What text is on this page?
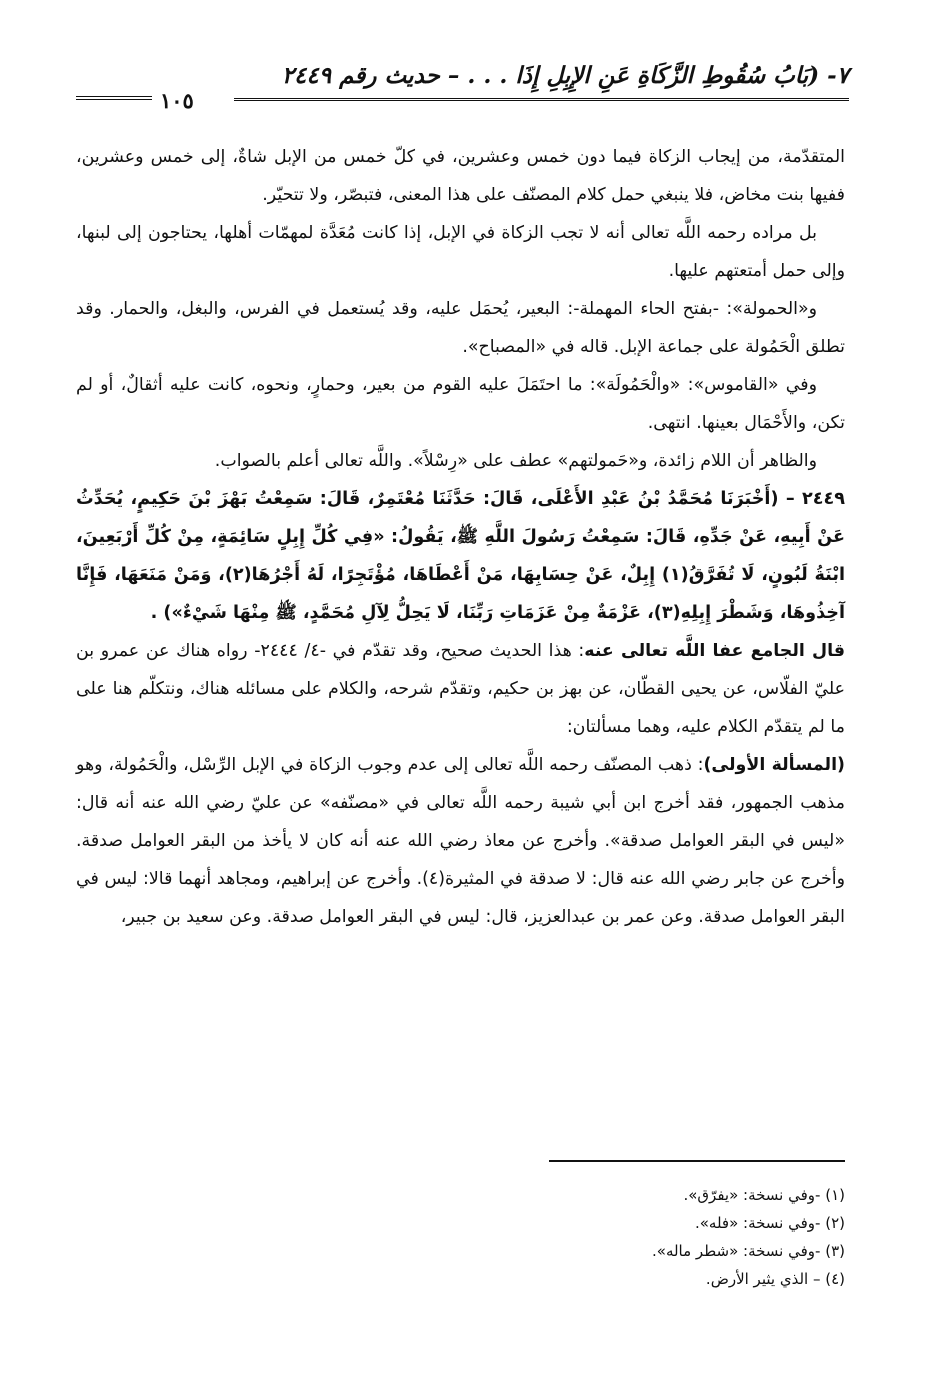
٧- (بَابُ سُقُوطِ الزَّكَاةِ عَنِ الإِبِلِ إِذَا . . . – حديث رقم ٢٤٤٩
١٠٥

المتقدّمة، من إيجاب الزكاة فيما دون خمس وعشرين، في كلّ خمس من الإبل شاةٌ، إلى خمس وعشرين، ففيها بنت مخاض، فلا ينبغي حمل كلام المصنّف على هذا المعنى، فتبصّر، ولا تتحيّر.

بل مراده رحمه اللَّه تعالى أنه لا تجب الزكاة في الإبل، إذا كانت مُعَدَّة لمهمّات أهلها، يحتاجون إلى لبنها، وإلى حمل أمتعتهم عليها.

و«الحمولة»: -بفتح الحاء المهملة-: البعير، يُحمَل عليه، وقد يُستعمل في الفرس، والبغل، والحمار. وقد تطلق الْحَمُولة على جماعة الإبل. قاله في «المصباح».

وفي «القاموس»: «والْحَمُولَة»: ما احتَمَلَ عليه القوم من بعير، وحمارٍ، ونحوه، كانت عليه أثقالٌ، أو لم تكن، والأَحْمَال بعينها. انتهى.

والظاهر أن اللام زائدة، و«حَمولتهم» عطف على «رِسْلاً». واللَّه تعالى أعلم بالصواب.

٢٤٤٩ – (أَخْبَرَنَا مُحَمَّدُ بْنُ عَبْدِ الأَعْلَى، قَالَ: حَدَّثَنَا مُعْتَمِرٌ، قَالَ: سَمِعْتُ بَهْزَ بْنَ حَكِيمٍ، يُحَدِّثُ عَنْ أَبِيهِ، عَنْ جَدِّهِ، قَالَ: سَمِعْتُ رَسُولَ اللَّهِ ﷺ، يَقُولُ: «فِي كُلِّ إِبِلٍ سَائِمَةٍ، مِنْ كُلِّ أَرْبَعِينَ، ابْنَةُ لَبُونٍ، لَا تُفَرَّقُ(١) إِبِلٌ، عَنْ حِسَابِهَا، مَنْ أَعْطَاهَا، مُؤْتَجِرًا، لَهُ أَجْرُهَا(٢)، وَمَنْ مَنَعَهَا، فَإِنَّا آخِذُوهَا، وَشَطْرَ إِبِلِهِ(٣)، عَزْمَةٌ مِنْ عَزَمَاتِ رَبِّنَا، لَا يَحِلُّ لِآلِ مُحَمَّدٍ، ﷺ مِنْهَا شَيْءٌ») .

قال الجامع عفا اللَّه تعالى عنه: هذا الحديث صحيح، وقد تقدّم في -٤/ ٢٤٤٤- رواه هناك عن عمرو بن عليّ الفلّاس، عن يحيى القطّان، عن بهز بن حكيم، وتقدّم شرحه، والكلام على مسائله هناك، ونتكلّم هنا على ما لم يتقدّم الكلام عليه، وهما مسألتان:

(المسألة الأولى): ذهب المصنّف رحمه اللَّه تعالى إلى عدم وجوب الزكاة في الإبل الرِّسْل، والْحَمُولة، وهو مذهب الجمهور، فقد أخرج ابن أبي شيبة رحمه اللَّه تعالى في «مصنّفه» عن عليّ رضي الله عنه أنه قال: «ليس في البقر العوامل صدقة». وأخرج عن معاذ رضي الله عنه أنه كان لا يأخذ من البقر العوامل صدقة. وأخرج عن جابر رضي الله عنه قال: لا صدقة في المثيرة(٤). وأخرج عن إبراهيم، ومجاهد أنهما قالا: ليس في البقر العوامل صدقة. وعن عمر بن عبدالعزيز، قال: ليس في البقر العوامل صدقة. وعن سعيد بن جبير،

(١) -وفي نسخة: «يفرّق».
(٢) -وفي نسخة: «فله».
(٣) -وفي نسخة: «شطر ماله».
(٤) – الذي يثير الأرض.
